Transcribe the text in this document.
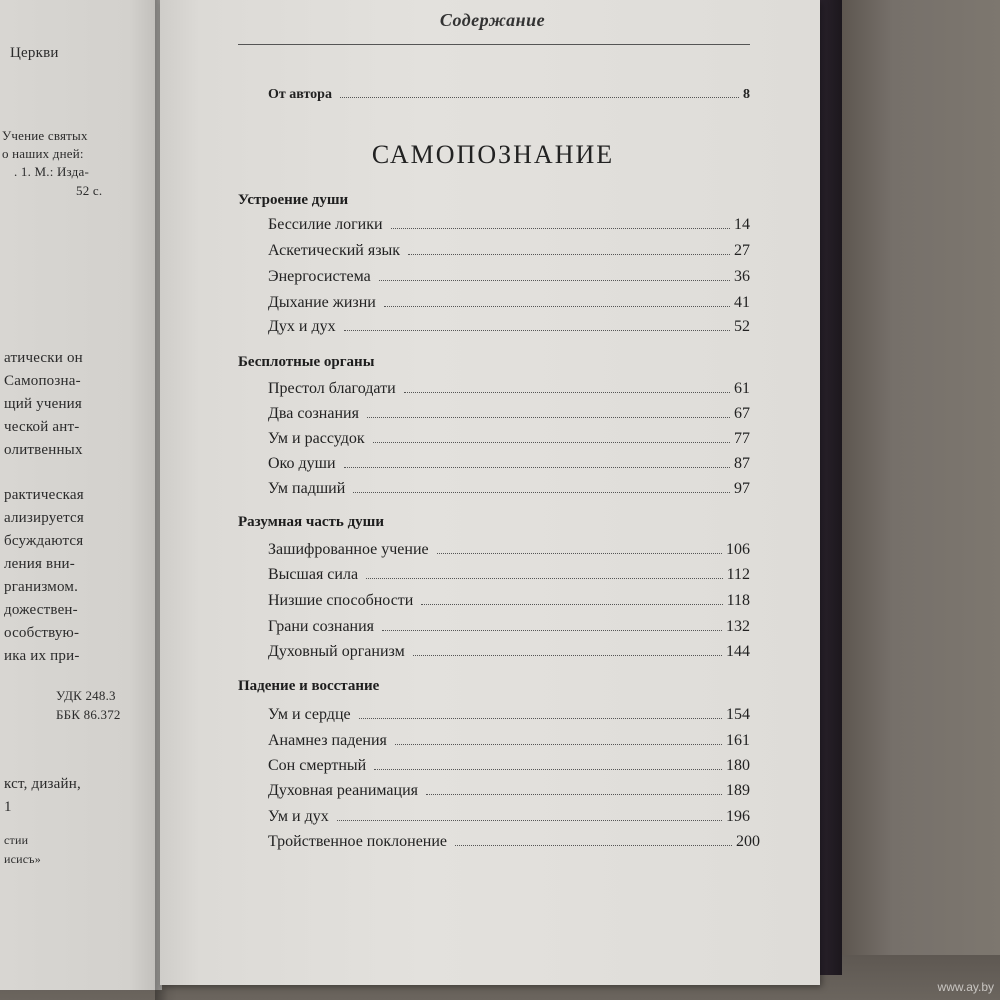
Церкви
Учение святых
о наших дней:
. 1. М.: Изда-
52 с.
атически он
Самопозна-
щий учения
ческой ант-
олитвенных
рактическая
ализируется
бсуждаются
ления вни-
рганизмом.
дожествен-
особствую-
ика их при-
УДК 248.3
ББК 86.372
кст, дизайн,
1
стии
исисъ»
Содержание
От автора	8
САМОПОЗНАНИЕ
Устроение души
Бессилие логики	14
Аскетический язык	27
Энергосистема	36
Дыхание жизни	41
Дух и дух	52
Бесплотные органы
Престол благодати	61
Два сознания	67
Ум и рассудок	77
Око души	87
Ум падший	97
Разумная часть души
Зашифрованное учение	106
Высшая сила	112
Низшие способности	118
Грани сознания	132
Духовный организм	144
Падение и восстание
Ум и сердце	154
Анамнез падения	161
Сон смертный	180
Духовная реанимация	189
Ум и дух	196
Тройственное поклонение	200
www.ay.by
